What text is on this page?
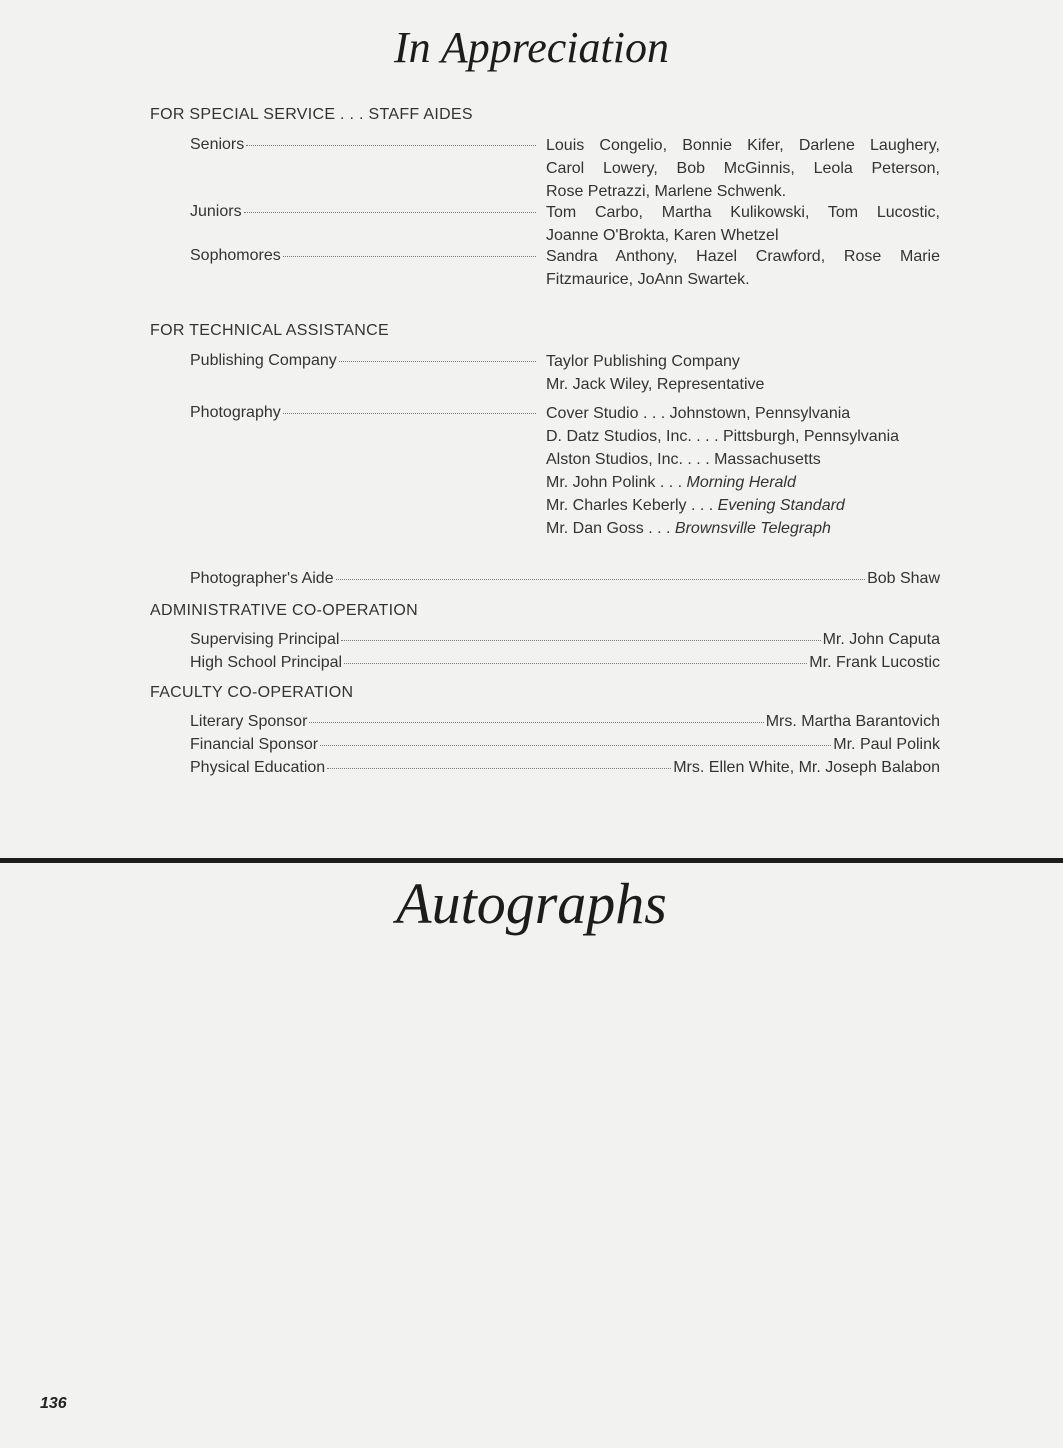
In Appreciation
FOR SPECIAL SERVICE . . . STAFF AIDES
Seniors	Louis Congelio, Bonnie Kifer, Darlene Laughery,
Carol Lowery, Bob McGinnis, Leola Peterson,
Rose Petrazzi, Marlene Schwenk.
Juniors	Tom Carbo, Martha Kulikowski, Tom Lucostic,
Joanne O'Brokta, Karen Whetzel
Sophomores	Sandra Anthony, Hazel Crawford, Rose Marie
Fitzmaurice, JoAnn Swartek.
FOR TECHNICAL ASSISTANCE
Publishing Company	Taylor Publishing Company
Mr. Jack Wiley, Representative
Photography	Cover Studio . . . Johnstown, Pennsylvania
D. Datz Studios, Inc. . . . Pittsburgh, Pennsylvania
Alston Studios, Inc. . . . Massachusetts
Mr. John Polink . . . Morning Herald
Mr. Charles Keberly . . . Evening Standard
Mr. Dan Goss . . . Brownsville Telegraph
Photographer's Aide	Bob Shaw
ADMINISTRATIVE CO-OPERATION
Supervising Principal	Mr. John Caputa
High School Principal	Mr. Frank Lucostic
FACULTY CO-OPERATION
Literary Sponsor	Mrs. Martha Barantovich
Financial Sponsor	Mr. Paul Polink
Physical Education	Mrs. Ellen White, Mr. Joseph Balabon
Autographs
136
